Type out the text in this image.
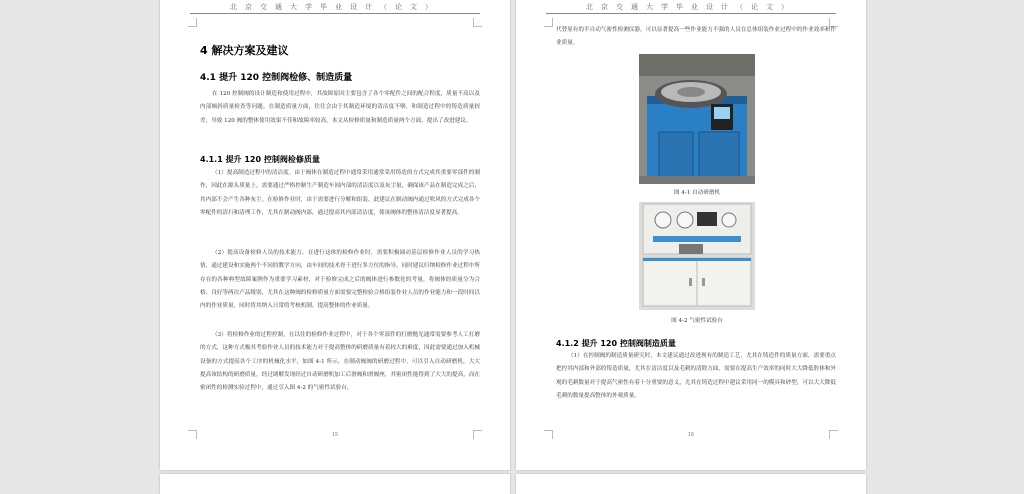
北京交通大学毕业设计（论文）
4 解决方案及建议
4.1 提升 120 控制阀检修、制造质量

在 120 控制阀的设计制造和使用过程中，其故障原因主要包含了各个零配件之间的配合程度，质量不高以及内部倾斜质量检査等问题。在制造质量方面，往往会由于其制造环境的清洁度不够，和制造过程中的铸造质量较差，导致 120 阀的整体使用效果不佳和故障率较高。本文从检修质量和制造质量两个方面，提出了改进建议。

4.1.1 提升 120 控制阀检修质量

（1）提高制造过程中的清洁度。由于阀体在制造过程中通常采用通常采用铸造的方式完成其重要零部件的制作，因此在源头质量上，需要通过严格控制生产制造车间内部的清洁度以及灰尘量，确保该产品在制造完成之后，其内部不会产生各种灰尘。在检修作业时，由于需要进行分解和组装，此建议在制动阀内通过吹风的方式完成各个零配件的清扫和清理工作，尤其在制动阀内部，通过提高其内部清洁度，使该阀体的整体清洁度显著提高。

（2）提高设备检修人员的技术能力。在进行这体的检修作业时，需要积极调动基层检修作业人员的学习热情，通过建设和实施两个不同的教学方向，由车间的技术骨干进行多方位的指导，同时建议归纳检修作业过程中所存在的各种典型故障案例作为重要学习素材，对于检修完成之后的阀体进行参数化的考量，将阀体的质量分为合格、良好等两次产品级别，尤其在这种阀的检修质量方面需要完整检验合格组装作业人员的作业能力和一段时间以内的作业质量，同时将其纳入日常的考核机制，提高整体的作业质量。

（3）将检修作业的过程控制，在以往的检修作业过程中，对于各个零部件的打磨抛光通常需要参考人工打磨的方式，这种方式极其考验作业人员的技术能力对于提高整体的研磨质量有着较大的难度，因此需要通过加入机械设备的方式提高各个工序的机械化水平，如图 4-1 所示，在制动阀阀的研磨过程中，可以引入自动研磨机，大大提高该结构的研磨质量，经过调解发现经过自动研磨机加工后滑阀和滑阀座，其密闭性能得到了大大的提高，而在密闭性的检测实验过程中，通过引入图 4-2 的气密性试验台，

15
北京交通大学毕业设计（论文）

代替原有的半自动气密性检测仪器，可以显著提高一些作业能力不强的人员在总体组装作业过程中的作业效率和作业质量。

图 4-1 自动研磨机
图 4-2 气密性试验台
4.1.2 提升 120 控制阀制造质量

（1）在控制阀的制造质量研究时，本文建议通过改进现有的制造工艺，尤其在铸造件的质量方面，需要重点把控其内部和外部的铸造质量，尤其在清洁度以及毛刺的清除方面，需要在提高生产效率的同时大大降低腔体和外观的毛刺数量对于提高气密性有着十分重要的意义，尤其在铸造过程中建议采用同一的模具和砂型，可以大大降低毛刺的数量提高整体的外观质量。

16
